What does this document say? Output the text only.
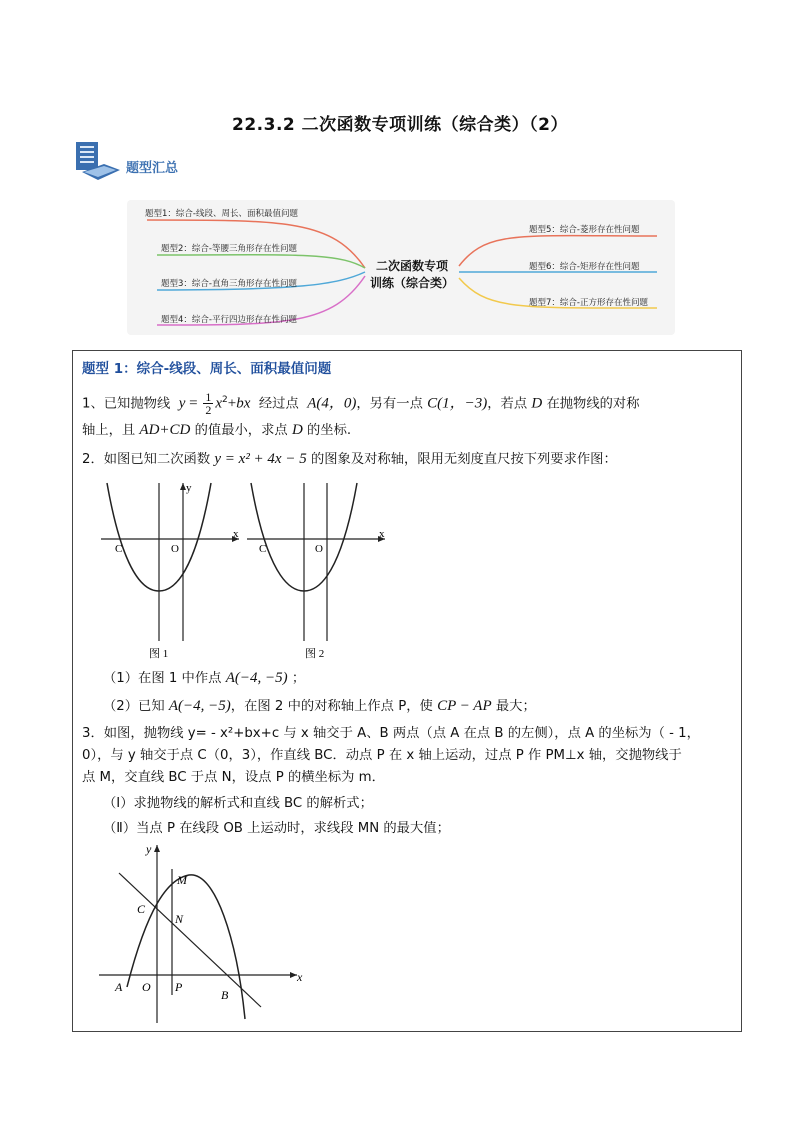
22.3.2 二次函数专项训练（综合类）（2）
题型汇总
题型1：综合-线段、周长、面积最值问题
题型2：综合-等腰三角形存在性问题
题型3：综合-直角三角形存在性问题
题型4：综合-平行四边形存在性问题
题型5：综合-菱形存在性问题
题型6：综合-矩形存在性问题
题型7：综合-正方形存在性问题
二次函数专项
训练（综合类）
题型 1：综合-线段、周长、面积最值问题
1、已知抛物线 $y = \frac{1}{2} x^2+bx$ 经过点 A(4，0)，另有一点 C(1，−3)，若点 D 在抛物线的对称
轴上，且 AD+CD 的值最小，求点 D 的坐标.
2．如图已知二次函数 y = x² + 4x − 5 的图象及对称轴，限用无刻度直尺按下列要求作图：
x
y
C	O
图 1
x
C	O
图 2
（1）在图 1 中作点 A(−4, −5) ；
（2）已知 A(−4, −5)，在图 2 中的对称轴上作点 P，使 CP − AP 最大；
3．如图，抛物线 y= - x²+bx+c 与 x 轴交于 A、B 两点（点 A 在点 B 的左侧），点 A 的坐标为（ - 1，
0），与 y 轴交于点 C（0，3），作直线 BC．动点 P 在 x 轴上运动，过点 P 作 PM⊥x 轴，交抛物线于
点 M，交直线 BC 于点 N，设点 P 的横坐标为 m．
（Ⅰ）求抛物线的解析式和直线 BC 的解析式；
（Ⅱ）当点 P 在线段 OB 上运动时，求线段 MN 的最大值；
x
y
A O P
B
C
M
N
